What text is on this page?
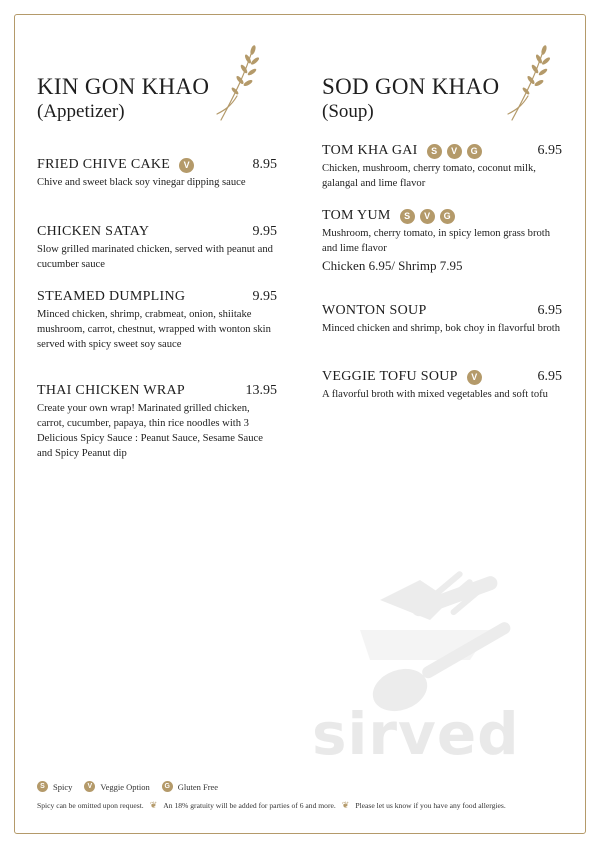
KIN GON KHAO
(Appetizer)
FRIED CHIVE CAKE	V	8.95
Chive and sweet black soy vinegar dipping sauce
CHICKEN SATAY	9.95
Slow grilled marinated chicken, served with peanut and cucumber sauce
STEAMED DUMPLING	9.95
Minced chicken, shrimp, crabmeat, onion, shiitake mushroom, carrot, chestnut, wrapped with wonton skin served with spicy sweet soy sauce
THAI CHICKEN WRAP	13.95
Create your own wrap! Marinated grilled chicken, carrot, cucumber, papaya, thin rice noodles with 3 Delicious Spicy Sauce : Peanut Sauce, Sesame Sauce and Spicy Peanut dip
SOD GON KHAO
(Soup)
TOM KHA GAI	S	V	G	6.95
Chicken, mushroom, cherry tomato, coconut milk, galangal and lime flavor
TOM YUM	S	V	G
Mushroom, cherry tomato, in spicy lemon grass broth and lime flavor
Chicken 6.95/ Shrimp 7.95
WONTON SOUP	6.95
Minced chicken and shrimp, bok choy in flavorful broth
VEGGIE TOFU SOUP	V	6.95
A flavorful broth with mixed vegetables and soft tofu
sirved
S Spicy	V Veggie Option	G Gluten Free
Spicy can be omitted upon request. ❦ An 18% gratuity will be added for parties of 6 and more. ❦ Please let us know if you have any food allergies.
